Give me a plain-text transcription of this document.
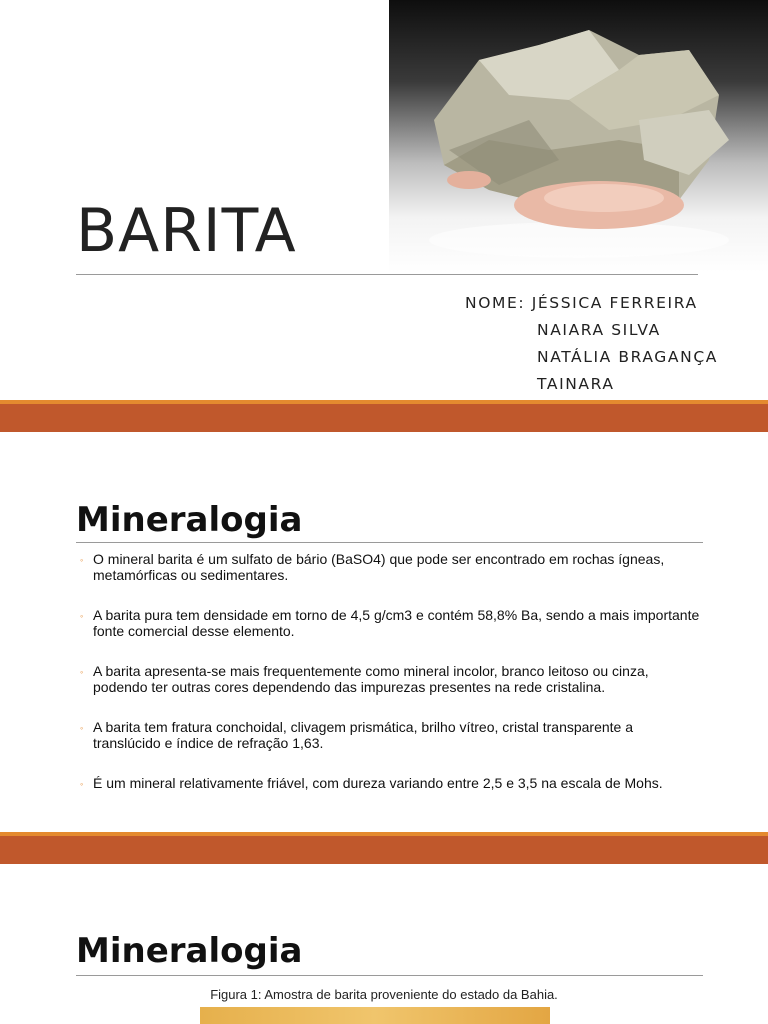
BARITA
NOME: JÉSSICA FERREIRA
NAIARA SILVA
NATÁLIA BRAGANÇA
TAINARA
Mineralogia
◦ O mineral barita é um sulfato de bário (BaSO4) que pode ser encontrado em rochas ígneas, metamórficas ou sedimentares.
◦ A barita pura tem densidade em torno de 4,5 g/cm3 e contém 58,8% Ba, sendo a mais importante fonte comercial desse elemento.
◦ A barita apresenta-se mais frequentemente como mineral incolor, branco leitoso ou cinza, podendo ter outras cores dependendo das impurezas presentes na rede cristalina.
◦ A barita tem fratura conchoidal, clivagem prismática, brilho vítreo, cristal transparente a translúcido e índice de refração 1,63.
◦ É um mineral relativamente friável, com dureza variando entre 2,5 e 3,5 na escala de Mohs.
Mineralogia
Figura 1: Amostra de barita proveniente do estado da Bahia.
